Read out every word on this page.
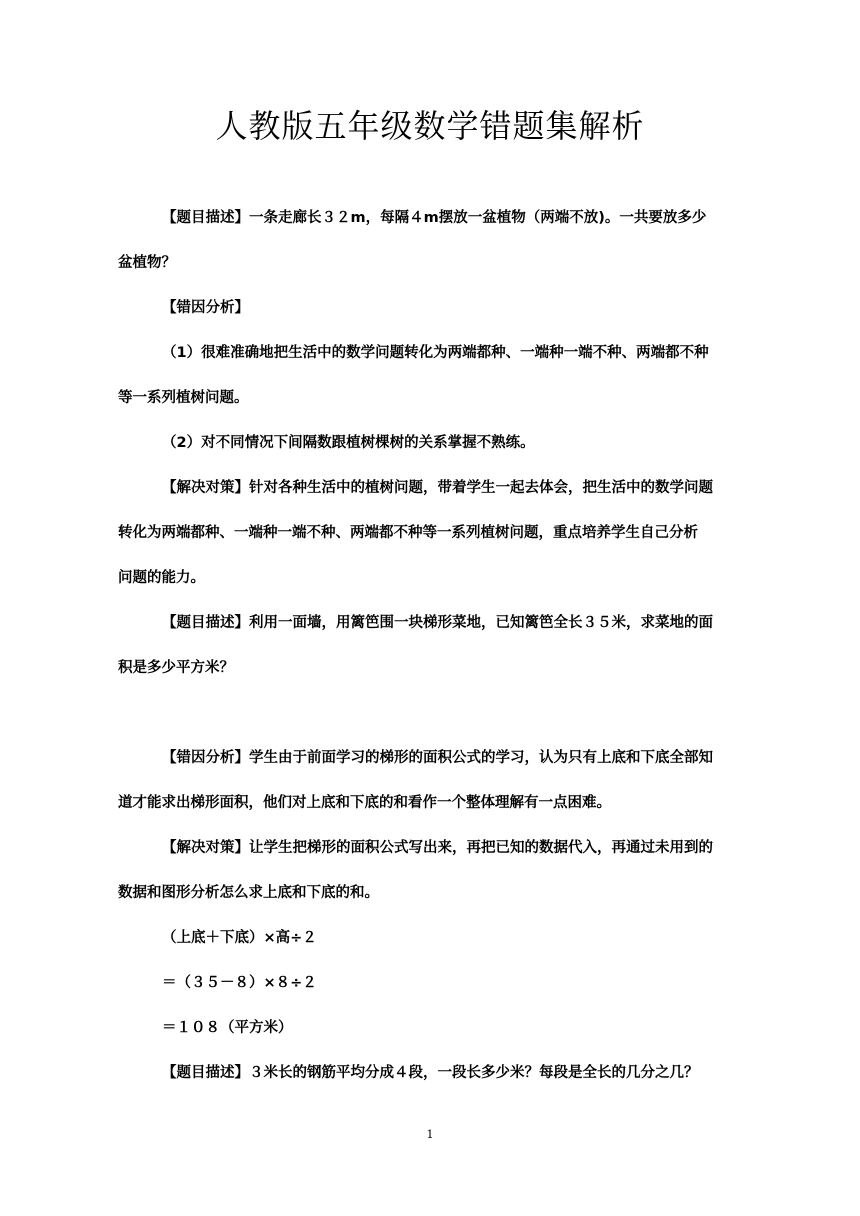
人教版五年级数学错题集解析
【题目描述】一条走廊长３２m，每隔４m摆放一盆植物（两端不放)。一共要放多少
盆植物？
【错因分析】
（1）很难准确地把生活中的数学问题转化为两端都种、一端种一端不种、两端都不种
等一系列植树问题。
（2）对不同情况下间隔数跟植树棵树的关系掌握不熟练。
【解决对策】针对各种生活中的植树问题，带着学生一起去体会，把生活中的数学问题
转化为两端都种、一端种一端不种、两端都不种等一系列植树问题，重点培养学生自己分析
问题的能力。
【题目描述】利用一面墙，用篱笆围一块梯形菜地，已知篱笆全长３５米，求菜地的面
积是多少平方米？
【错因分析】学生由于前面学习的梯形的面积公式的学习，认为只有上底和下底全部知
道才能求出梯形面积，他们对上底和下底的和看作一个整体理解有一点困难。
【解决对策】让学生把梯形的面积公式写出来，再把已知的数据代入，再通过未用到的
数据和图形分析怎么求上底和下底的和。
（上底＋下底）×高÷２
＝（３５－８）×８÷２
＝１０８（平方米）
【题目描述】３米长的钢筋平均分成４段，一段长多少米？每段是全长的几分之几？
1
